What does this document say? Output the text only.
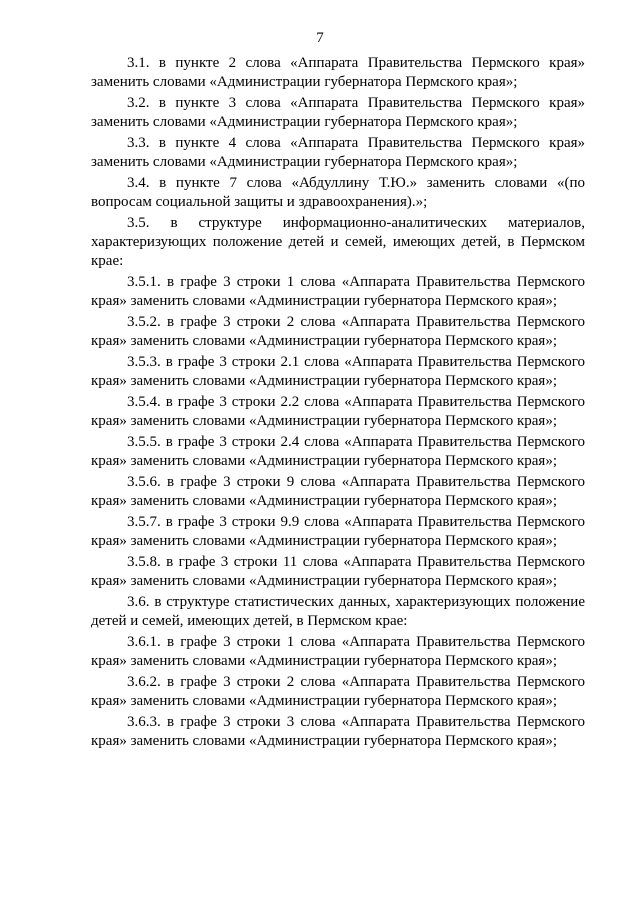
7

3.1. в пункте 2 слова «Аппарата Правительства Пермского края» заменить словами «Администрации губернатора Пермского края»;

3.2. в пункте 3 слова «Аппарата Правительства Пермского края» заменить словами «Администрации губернатора Пермского края»;

3.3. в пункте 4 слова «Аппарата Правительства Пермского края» заменить словами «Администрации губернатора Пермского края»;

3.4. в пункте 7 слова «Абдуллину Т.Ю.» заменить словами «(по вопросам социальной защиты и здравоохранения).»;

3.5. в структуре информационно-аналитических материалов, характеризующих положение детей и семей, имеющих детей, в Пермском крае:

3.5.1. в графе 3 строки 1 слова «Аппарата Правительства Пермского края» заменить словами «Администрации губернатора Пермского края»;

3.5.2. в графе 3 строки 2 слова «Аппарата Правительства Пермского края» заменить словами «Администрации губернатора Пермского края»;

3.5.3. в графе 3 строки 2.1 слова «Аппарата Правительства Пермского края» заменить словами «Администрации губернатора Пермского края»;

3.5.4. в графе 3 строки 2.2 слова «Аппарата Правительства Пермского края» заменить словами «Администрации губернатора Пермского края»;

3.5.5. в графе 3 строки 2.4 слова «Аппарата Правительства Пермского края» заменить словами «Администрации губернатора Пермского края»;

3.5.6. в графе 3 строки 9 слова «Аппарата Правительства Пермского края» заменить словами «Администрации губернатора Пермского края»;

3.5.7. в графе 3 строки 9.9 слова «Аппарата Правительства Пермского края» заменить словами «Администрации губернатора Пермского края»;

3.5.8. в графе 3 строки 11 слова «Аппарата Правительства Пермского края» заменить словами «Администрации губернатора Пермского края»;

3.6. в структуре статистических данных, характеризующих положение детей и семей, имеющих детей, в Пермском крае:

3.6.1. в графе 3 строки 1 слова «Аппарата Правительства Пермского края» заменить словами «Администрации губернатора Пермского края»;

3.6.2. в графе 3 строки 2 слова «Аппарата Правительства Пермского края» заменить словами «Администрации губернатора Пермского края»;

3.6.3. в графе 3 строки 3 слова «Аппарата Правительства Пермского края» заменить словами «Администрации губернатора Пермского края»;
